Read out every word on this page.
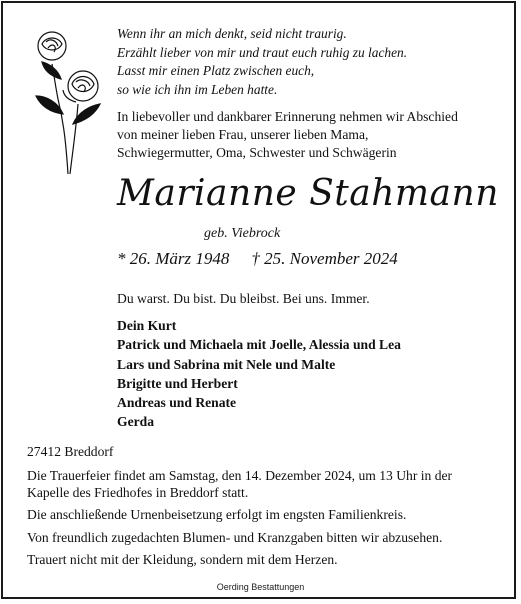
Wenn ihr an mich denkt, seid nicht traurig.
Erzählt lieber von mir und traut euch ruhig zu lachen.
Lasst mir einen Platz zwischen euch,
so wie ich ihn im Leben hatte.
In liebevoller und dankbarer Erinnerung nehmen wir Abschied
von meiner lieben Frau, unserer lieben Mama,
Schwiegermutter, Oma, Schwester und Schwägerin
Marianne Stahmann
geb. Viebrock
* 26. März 1948 † 25. November 2024
Du warst. Du bist. Du bleibst. Bei uns. Immer.
Dein Kurt
Patrick und Michaela mit Joelle, Alessia und Lea
Lars und Sabrina mit Nele und Malte
Brigitte und Herbert
Andreas und Renate
Gerda
27412 Breddorf

Die Trauerfeier findet am Samstag, den 14. Dezember 2024, um 13 Uhr in der Kapelle des Friedhofes in Breddorf statt.

Die anschließende Urnenbeisetzung erfolgt im engsten Familienkreis.

Von freundlich zugedachten Blumen- und Kranzgaben bitten wir abzusehen.

Trauert nicht mit der Kleidung, sondern mit dem Herzen.

Oerding Bestattungen
